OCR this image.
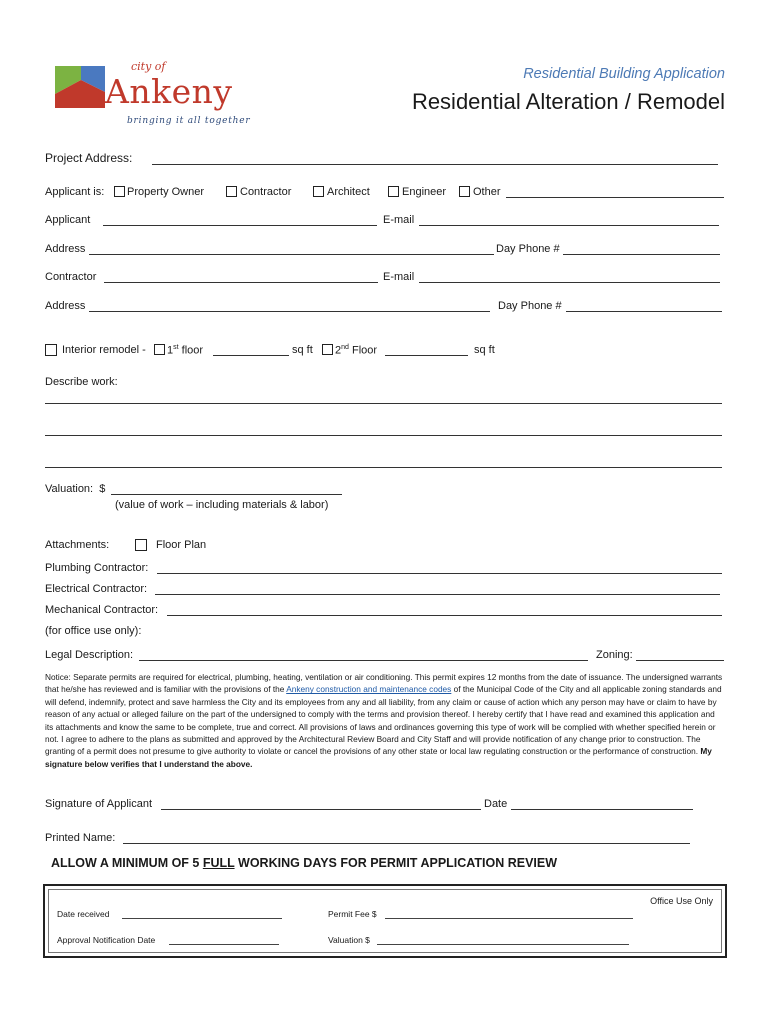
city of
Ankeny
bringing it all together
Residential Building Application
Residential Alteration / Remodel
Project Address:
Applicant is: Property Owner	Contractor	Architect	Engineer Other
Applicant	E-mail
Address	Day Phone #
Contractor	E-mail
Address	Day Phone #
Interior remodel - 1st floor	sq ft 2nd Floor	sq ft
Describe work:
Valuation: $
(value of work – including materials & labor)
Attachments:	Floor Plan
Plumbing Contractor:
Electrical Contractor:
Mechanical Contractor:
(for office use only):
Legal Description:	Zoning:
Notice: Separate permits are required for electrical, plumbing, heating, ventilation or air conditioning. This permit expires 12 months from the date of issuance. The undersigned warrants that he/she has reviewed and is familiar with the provisions of the Ankeny construction and maintenance codes of the Municipal Code of the City and all applicable zoning standards and will defend, indemnify, protect and save harmless the City and its employees from any and all liability, from any claim or cause of action which any person may have or claim to have by reason of any actual or alleged failure on the part of the undersigned to comply with the terms and provision thereof. I hereby certify that I have read and examined this application and its attachments and know the same to be complete, true and correct. All provisions of laws and ordinances governing this type of work will be complied with whether specified herein or not. I agree to adhere to the plans as submitted and approved by the Architectural Review Board and City Staff and will provide notification of any change prior to construction. The granting of a permit does not presume to give authority to violate or cancel the provisions of any other state or local law regulating construction or the performance of construction. My signature below verifies that I understand the above.
Signature of Applicant	Date
Printed Name:
ALLOW A MINIMUM OF 5 FULL WORKING DAYS FOR PERMIT APPLICATION REVIEW
Office Use Only
Date received	Permit Fee $
Approval Notification Date	Valuation $
